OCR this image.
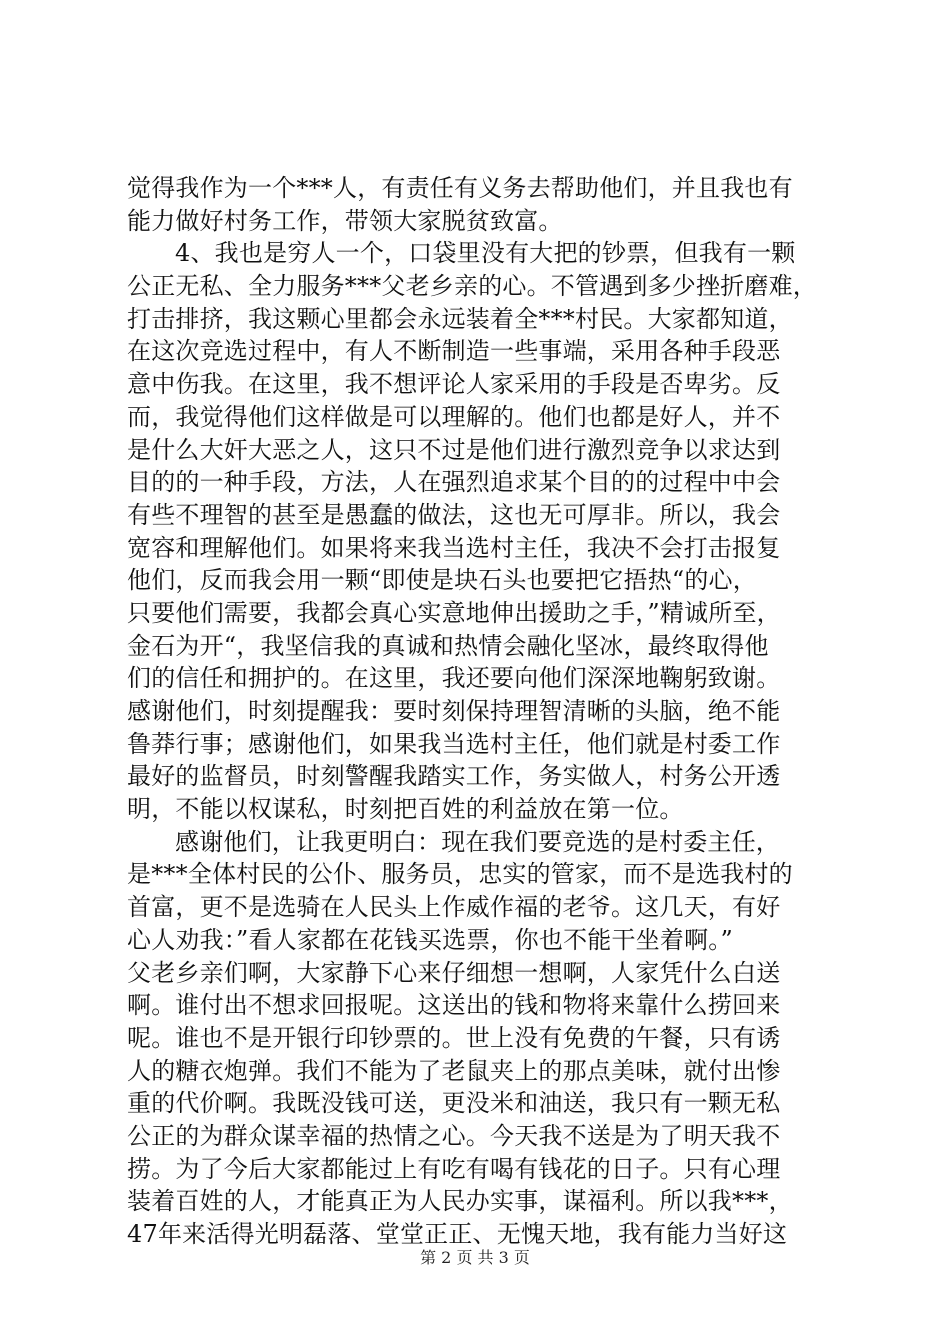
觉得我作为一个***人，有责任有义务去帮助他们，并且我也有
能力做好村务工作，带领大家脱贫致富。
4、我也是穷人一个，口袋里没有大把的钞票，但我有一颗
公正无私、全力服务***父老乡亲的心。不管遇到多少挫折磨难，
打击排挤，我这颗心里都会永远装着全***村民。大家都知道，
在这次竞选过程中，有人不断制造一些事端，采用各种手段恶
意中伤我。在这里，我不想评论人家采用的手段是否卑劣。反
而，我觉得他们这样做是可以理解的。他们也都是好人，并不
是什么大奸大恶之人，这只不过是他们进行激烈竞争以求达到
目的的一种手段，方法，人在强烈追求某个目的的过程中中会
有些不理智的甚至是愚蠢的做法，这也无可厚非。所以，我会
宽容和理解他们。如果将来我当选村主任，我决不会打击报复
他们，反而我会用一颗“即使是块石头也要把它捂热“的心，
只要他们需要，我都会真心实意地伸出援助之手，”精诚所至，
金石为开“，我坚信我的真诚和热情会融化坚冰，最终取得他
们的信任和拥护的。在这里，我还要向他们深深地鞠躬致谢。
感谢他们，时刻提醒我：要时刻保持理智清晰的头脑，绝不能
鲁莽行事；感谢他们，如果我当选村主任，他们就是村委工作
最好的监督员，时刻警醒我踏实工作，务实做人，村务公开透
明，不能以权谋私，时刻把百姓的利益放在第一位。
感谢他们，让我更明白：现在我们要竞选的是村委主任，
是***全体村民的公仆、服务员，忠实的管家，而不是选我村的
首富，更不是选骑在人民头上作威作福的老爷。这几天，有好
心人劝我：”看人家都在花钱买选票，你也不能干坐着啊。”
父老乡亲们啊，大家静下心来仔细想一想啊，人家凭什么白送
啊。谁付出不想求回报呢。这送出的钱和物将来靠什么捞回来
呢。谁也不是开银行印钞票的。世上没有免费的午餐，只有诱
人的糖衣炮弹。我们不能为了老鼠夹上的那点美味，就付出惨
重的代价啊。我既没钱可送，更没米和油送，我只有一颗无私
公正的为群众谋幸福的热情之心。今天我不送是为了明天我不
捞。为了今后大家都能过上有吃有喝有钱花的日子。只有心理
装着百姓的人，才能真正为人民办实事，谋福利。所以我***，
47年来活得光明磊落、堂堂正正、无愧天地，我有能力当好这
第 2 页 共 3 页
